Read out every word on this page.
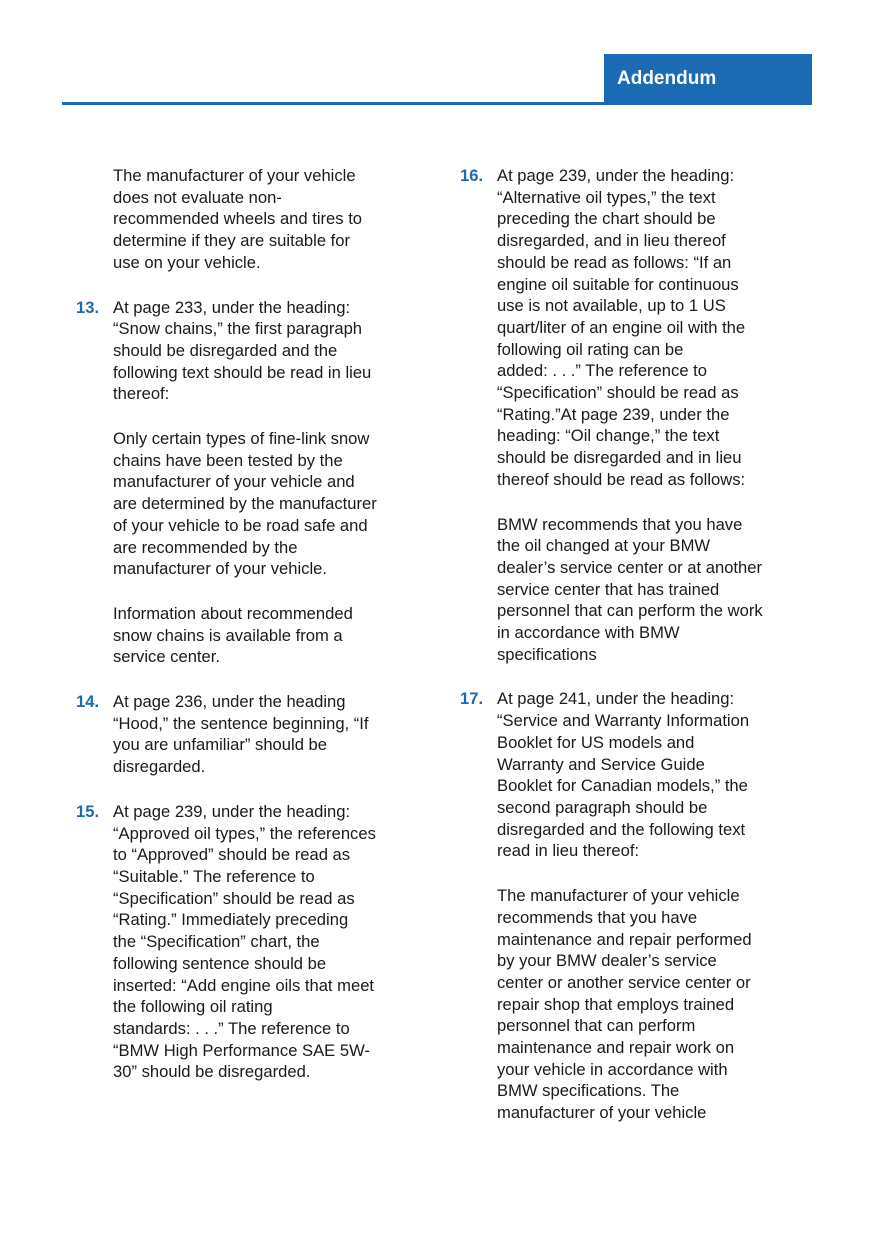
Addendum

The manufacturer of your vehicle
does not evaluate non-
recommended wheels and tires to
determine if they are suitable for
use on your vehicle.

13. At page 233, under the heading:
“Snow chains,” the first paragraph
should be disregarded and the
following text should be read in lieu
thereof:

Only certain types of fine-link snow
chains have been tested by the
manufacturer of your vehicle and
are determined by the manufacturer
of your vehicle to be road safe and
are recommended by the
manufacturer of your vehicle.

Information about recommended
snow chains is available from a
service center.

14. At page 236, under the heading
“Hood,” the sentence beginning, “If
you are unfamiliar” should be
disregarded.

15. At page 239, under the heading:
“Approved oil types,” the references
to “Approved” should be read as
“Suitable.” The reference to
“Specification” should be read as
“Rating.” Immediately preceding
the “Specification” chart, the
following sentence should be
inserted: “Add engine oils that meet
the following oil rating
standards: . . .” The reference to
“BMW High Performance SAE 5W-
30” should be disregarded.

16. At page 239, under the heading:
“Alternative oil types,” the text
preceding the chart should be
disregarded, and in lieu thereof
should be read as follows: “If an
engine oil suitable for continuous
use is not available, up to 1 US
quart/liter of an engine oil with the
following oil rating can be
added: . . .” The reference to
“Specification” should be read as
“Rating.”At page 239, under the
heading: “Oil change,” the text
should be disregarded and in lieu
thereof should be read as follows:

BMW recommends that you have
the oil changed at your BMW
dealer’s service center or at another
service center that has trained
personnel that can perform the work
in accordance with BMW
specifications

17. At page 241, under the heading:
“Service and Warranty Information
Booklet for US models and
Warranty and Service Guide
Booklet for Canadian models,” the
second paragraph should be
disregarded and the following text
read in lieu thereof:

The manufacturer of your vehicle
recommends that you have
maintenance and repair performed
by your BMW dealer’s service
center or another service center or
repair shop that employs trained
personnel that can perform
maintenance and repair work on
your vehicle in accordance with
BMW specifications. The
manufacturer of your vehicle
